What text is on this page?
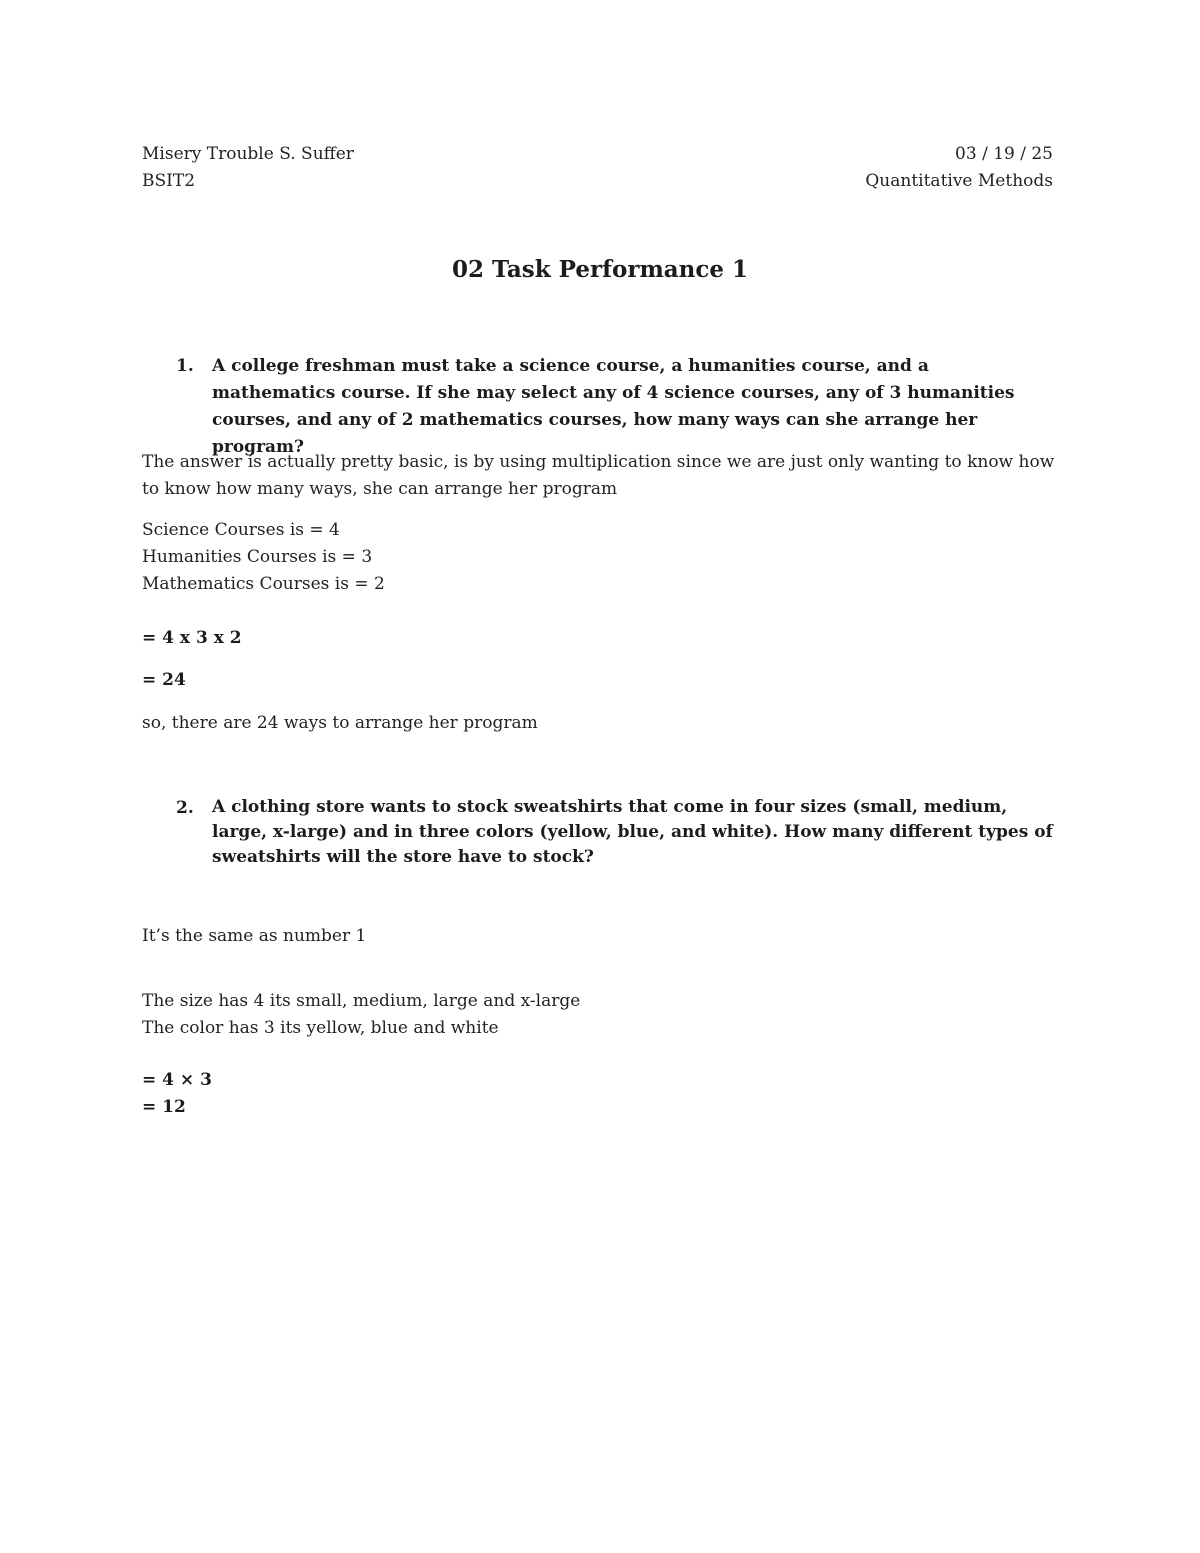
Misery Trouble S. Suffer
BSIT2
03 / 19 / 25
Quantitative Methods
02 Task Performance 1
1. A college freshman must take a science course, a humanities course, and a mathematics course. If she may select any of 4 science courses, any of 3 humanities courses, and any of 2 mathematics courses, how many ways can she arrange her program?
The answer is actually pretty basic, is by using multiplication since we are just only wanting to know how to know how many ways, she can arrange her program
Science Courses is = 4
Humanities Courses is = 3
Mathematics Courses is = 2
= 4 x 3 x 2
= 24
so, there are 24 ways to arrange her program
2. A clothing store wants to stock sweatshirts that come in four sizes (small, medium, large, x-large) and in three colors (yellow, blue, and white). How many different types of sweatshirts will the store have to stock?
It’s the same as number 1
The size has 4 its small, medium, large and x-large
The color has 3 its yellow, blue and white
= 4 × 3
= 12
